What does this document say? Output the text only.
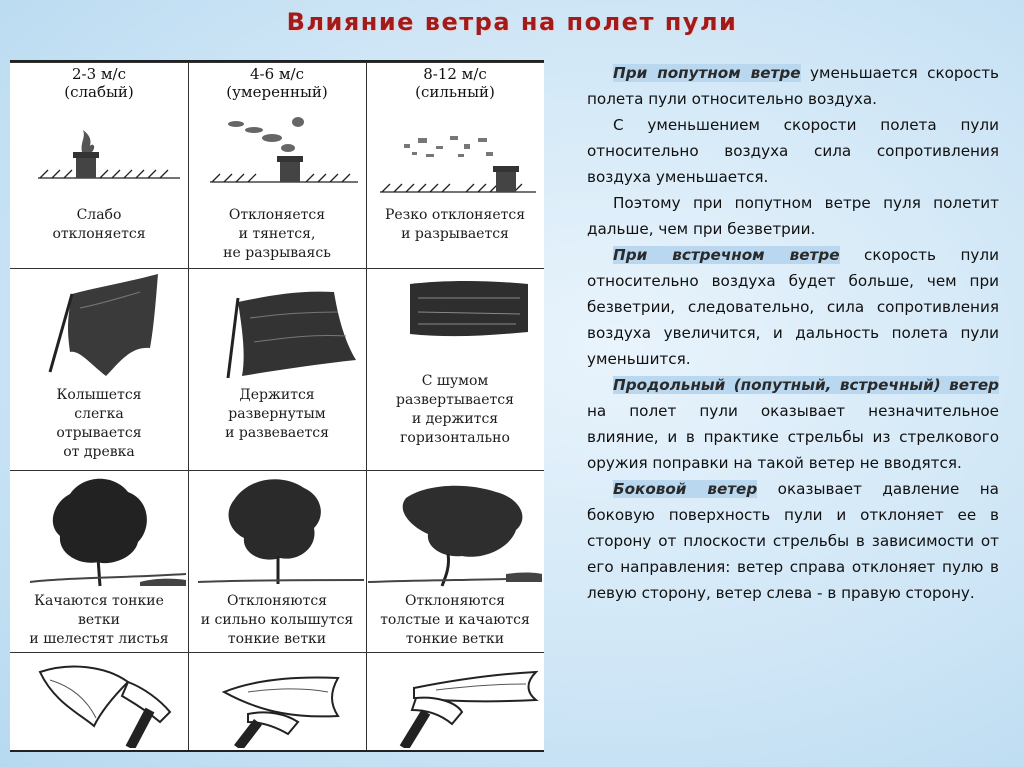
Влияние ветра на полет пули
2-3 м/с
(слабый)
4-6 м/с
(умеренный)
8-12 м/с
(сильный)
Слабо
отклоняется
Отклоняется
и тянется,
не разрываясь
Резко отклоняется
и разрывается
Колышется
слегка
отрывается
от древка
Держится
развернутым
и развевается
С шумом
развертывается
и держится
горизонтально
Качаются тонкие
ветки
и шелестят листья
Отклоняются
и сильно колышутся
тонкие ветки
Отклоняются
толстые и качаются
тонкие ветки

При попутном ветре уменьшается скорость полета пули относительно воздуха.

С уменьшением скорости полета пули относительно воздуха сила сопротивления воздуха уменьшается.

Поэтому при попутном ветре пуля полетит дальше, чем при безветрии.

При встречном ветре скорость пули относительно воздуха будет больше, чем при безветрии, следовательно, сила сопротивления воздуха увеличится, и дальность полета пули уменьшится.

Продольный (попутный, встречный) ветер на полет пули оказывает незначительное влияние, и в практике стрельбы из стрелкового оружия поправки на такой ветер не вводятся.

Боковой ветер оказывает давление на боковую поверхность пули и отклоняет ее в сторону от плоскости стрельбы в зависимости от его направления: ветер справа отклоняет пулю в левую сторону, ветер слева - в правую сторону.
